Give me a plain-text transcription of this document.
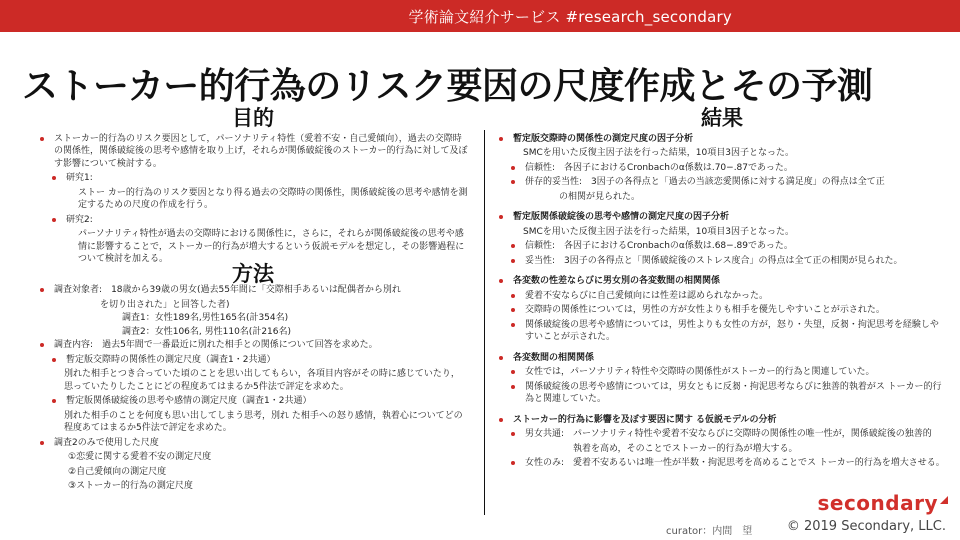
学術論文紹介サービス #research_secondary
ストーカー的行為のリスク要因の尺度作成とその予測
目的
ストーカー的行為のリスク要因として，パーソナリティ特性（愛着不安・自己愛傾向），過去の交際時の関係性，関係破綻後の思考や感情を取り上げ，それらが関係破綻後のストーカー的行為に対して及ぼす影響について検討する。
研究1:
ストー カー的行為のリスク要因となり得る過去の交際時の関係性，関係破綻後の思考や感情を測定するための尺度の作成を行う。
研究2:
パーソナリティ特性が過去の交際時における関係性に，さらに，それらが関係破綻後の思考や感情に影響することで，ストーカー的行為が増大するという仮説モデルを想定し，その影響過程について検討を加える。
方法
調査対象者:　 18歳から39歳の男女(過去55年間に「交際相手あるいは配偶者から別れ
を切り出された」と回答した者)
調査1：女性189名,男性165名(計354名)
調査2：女性106名, 男性110名(計216名)
調査内容:　 過去5年間で一番最近に別れた相手との関係について回答を求めた。
暫定版交際時の関係性の測定尺度（調査1・2共通）
別れた相手とつき合っていた頃のことを思い出してもらい，各項目内容がその時に感じていたり，思っていたりしたことにどの程度あてはまるか5件法で評定を求めた。
暫定版関係破綻後の思考や感情の測定尺度（調査1・2共通）
別れた相手のことを何度も思い出してしまう思考，別れ た相手への怒り感情，執着心についてどの程度あてはまるか5件法で評定を求めた。
調査2のみで使用した尺度
①恋愛に関する愛着不安の測定尺度
②自己愛傾向の測定尺度
③ストーカー的行為の測定尺度
結果
暫定版交際時の関係性の測定尺度の因子分析
SMCを用いた反復主因子法を行った結果，10項目3因子となった。
信頼性:　各因子におけるCronbachのα係数は.70−.87であった。
併存的妥当性:　3因子の各得点と「過去の当該恋愛関係に対する満足度」の得点は全て正
の相関が見られた。
暫定版関係破綻後の思考や感情の測定尺度の因子分析
SMCを用いた反復主因子法を行った結果，10項目3因子となった。
信頼性:　各因子におけるCronbachのα係数は.68−.89であった。
妥当性:　3因子の各得点と「関係破綻後のストレス度合」の得点は全て正の相関が見られた。
各変数の性差ならびに男女別の各変数間の相関関係
愛着不安ならびに自己愛傾向には性差は認められなかった。
交際時の関係性については，男性の方が女性よりも相手を優先しやすいことが示された。
関係破綻後の思考や感情については，男性よりも女性の方が，怒り・失望，反芻・拘泥思考を経験しやすいことが示された。
各変数間の相関関係
女性では，パーソナリティ特性や交際時の関係性がストーカー的行為と関連していた。
関係破綻後の思考や感情については，男女ともに反芻・拘泥思考ならびに独善的執着がス トーカー的行為と関連していた。
ストーカー的行為に影響を及ぼす要因に関す る仮説モデルの分析
男女共通:　パーソナリティ特性や愛着不安ならびに交際時の関係性の唯一性が，関係破綻後の独善的
執着を高め，そのことでストーカー的行為が増大する。
女性のみ:　愛着不安あるいは唯一性が半数・拘泥思考を高めることでス トーカー的行為を増大させる。
secondary
curator：内間　望	© 2019 Secondary, LLC.
